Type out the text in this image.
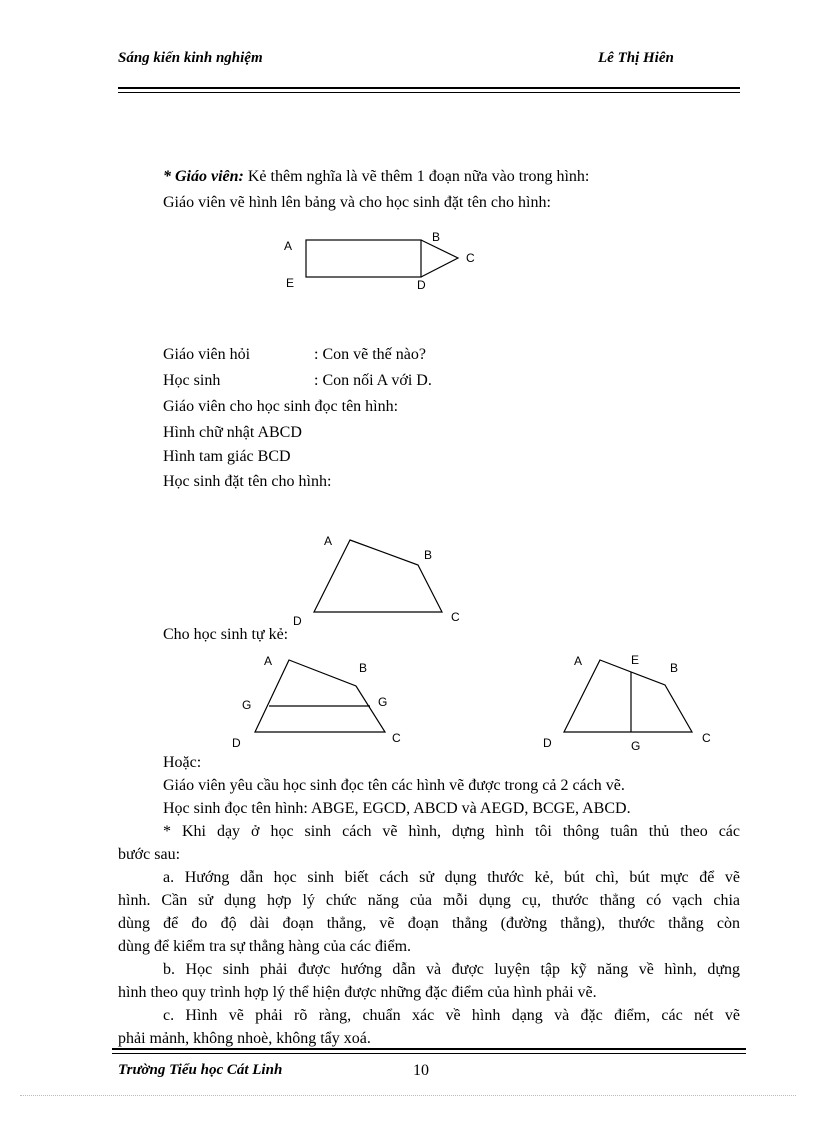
Sáng kiến kinh nghiệm	Lê Thị Hiên
* Giáo viên: Kẻ thêm nghĩa là vẽ thêm 1 đoạn nữa vào trong hình:
Giáo viên vẽ hình lên bảng và cho học sinh đặt tên cho hình:
A
B
C
E	D
Giáo viên hỏi	: Con vẽ thế nào?
Học sinh	: Con nối A với D.
Giáo viên cho học sinh đọc tên hình:
Hình chữ nhật ABCD
Hình tam giác BCD
Học sinh đặt tên cho hình:
A
B
C
D
Cho học sinh tự kẻ:
A	B
G	G
D	C
A	E
B
D	G
C
Hoặc:
Giáo viên yêu cầu học sinh đọc tên các hình vẽ được trong cả 2 cách vẽ.
Học sinh đọc tên hình: ABGE, EGCD, ABCD và AEGD, BCGE, ABCD.
* Khi dạy ở học sinh cách vẽ hình, dựng hình tôi thông tuân thủ theo các
bước sau:
a. Hướng dẫn học sinh biết cách sử dụng thước kẻ, bút chì, bút mực để vẽ
hình. Cần sử dụng hợp lý chức năng của mỗi dụng cụ, thước thẳng có vạch chia
dùng để đo độ dài đoạn thẳng, vẽ đoạn thẳng (đường thẳng), thước thẳng còn
dùng để kiểm tra sự thẳng hàng của các điểm.
b. Học sinh phải được hướng dẫn và được luyện tập kỹ năng về hình, dựng
hình theo quy trình hợp lý thể hiện được những đặc điểm của hình phải vẽ.
c. Hình vẽ phải rõ ràng, chuẩn xác về hình dạng và đặc điểm, các nét vẽ
phải mảnh, không nhoè, không tẩy xoá.
Trường Tiểu học Cát Linh	10
